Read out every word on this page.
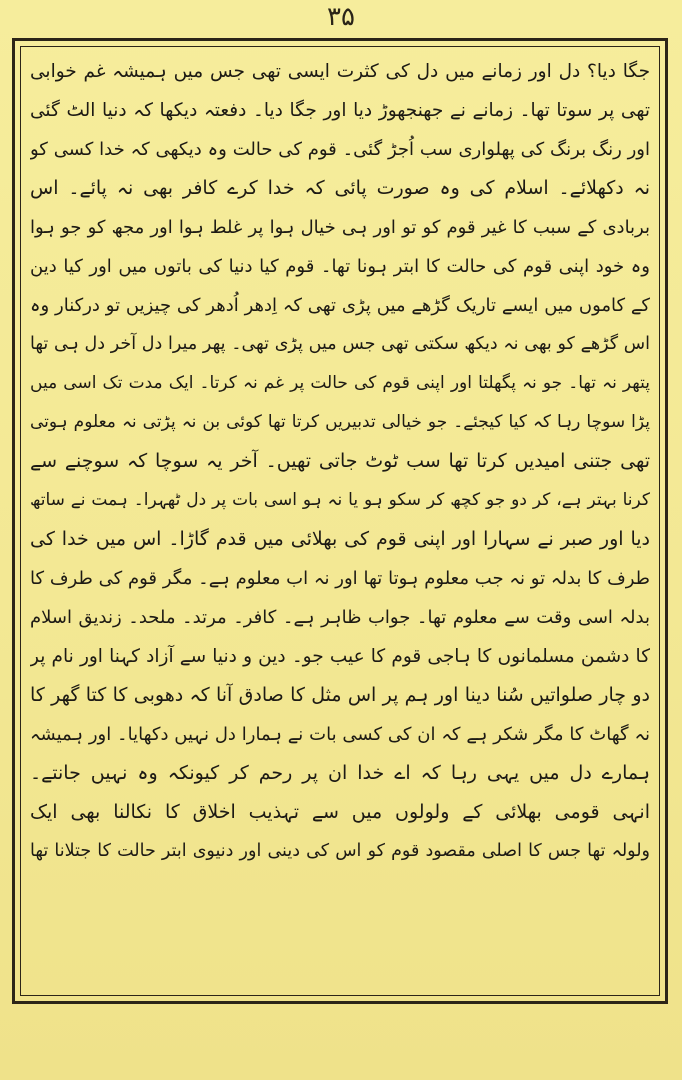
۳۵
جگا دیا؟ دل اور زمانے میں دل کی کثرت ایسی تھی جس میں ہمیشہ غم خوابی
تھی پر سوتا تھا۔ زمانے نے جھنجھوڑ دیا اور جگا دیا۔ دفعتہ دیکھا کہ دنیا الٹ گئی
اور رنگ برنگ کی پھلواری سب اُجڑ گئی۔ قوم کی حالت وہ دیکھی کہ خدا کسی کو
نہ دکھلائے۔ اسلام کی وہ صورت پائی کہ خدا کرے کافر بھی نہ پائے۔ اس
بربادی کے سبب کا غیر قوم کو تو اور ہی خیال ہوا پر غلط ہوا اور مجھ کو جو ہوا
وہ خود اپنی قوم کی حالت کا ابتر ہونا تھا۔ قوم کیا دنیا کی باتوں میں اور کیا دین
کے کاموں میں ایسے تاریک گڑھے میں پڑی تھی کہ اِدھر اُدھر کی چیزیں تو درکنار وہ
اس گڑھے کو بھی نہ دیکھ سکتی تھی جس میں پڑی تھی۔ پھر میرا دل آخر دل ہی تھا
پتھر نہ تھا۔ جو نہ پگھلتا اور اپنی قوم کی حالت پر غم نہ کرتا۔ ایک مدت تک اسی میں
پڑا سوچا رہا کہ کیا کیجئے۔ جو خیالی تدبیریں کرتا تھا کوئی بن نہ پڑتی نہ معلوم ہوتی
تھی جتنی امیدیں کرتا تھا سب ٹوٹ جاتی تھیں۔ آخر یہ سوچا کہ سوچنے سے
کرنا بہتر ہے، کر دو جو کچھ کر سکو ہو یا نہ ہو اسی بات پر دل ٹھہرا۔ ہمت نے ساتھ
دیا اور صبر نے سہارا اور اپنی قوم کی بھلائی میں قدم گاڑا۔ اس میں خدا کی
طرف کا بدلہ تو نہ جب معلوم ہوتا تھا اور نہ اب معلوم ہے۔ مگر قوم کی طرف کا
بدلہ اسی وقت سے معلوم تھا۔ جواب ظاہر ہے۔ کافر۔ مرتد۔ ملحد۔ زندیق اسلام
کا دشمن مسلمانوں کا ہاجی قوم کا عیب جو۔ دین و دنیا سے آزاد کہنا اور نام پر
دو چار صلواتیں سُنا دینا اور ہم پر اس مثل کا صادق آنا کہ دھوبی کا کتا گھر کا
نہ گھاٹ کا مگر شکر ہے کہ ان کی کسی بات نے ہمارا دل نہیں دکھایا۔ اور ہمیشہ
ہمارے دل میں یہی رہا کہ اے خدا ان پر رحم کر کیونکہ وہ نہیں جانتے۔
انہی قومی بھلائی کے ولولوں میں سے تہذیب اخلاق کا نکالنا بھی ایک
ولولہ تھا جس کا اصلی مقصود قوم کو اس کی دینی اور دنیوی ابتر حالت کا جتلانا تھا
